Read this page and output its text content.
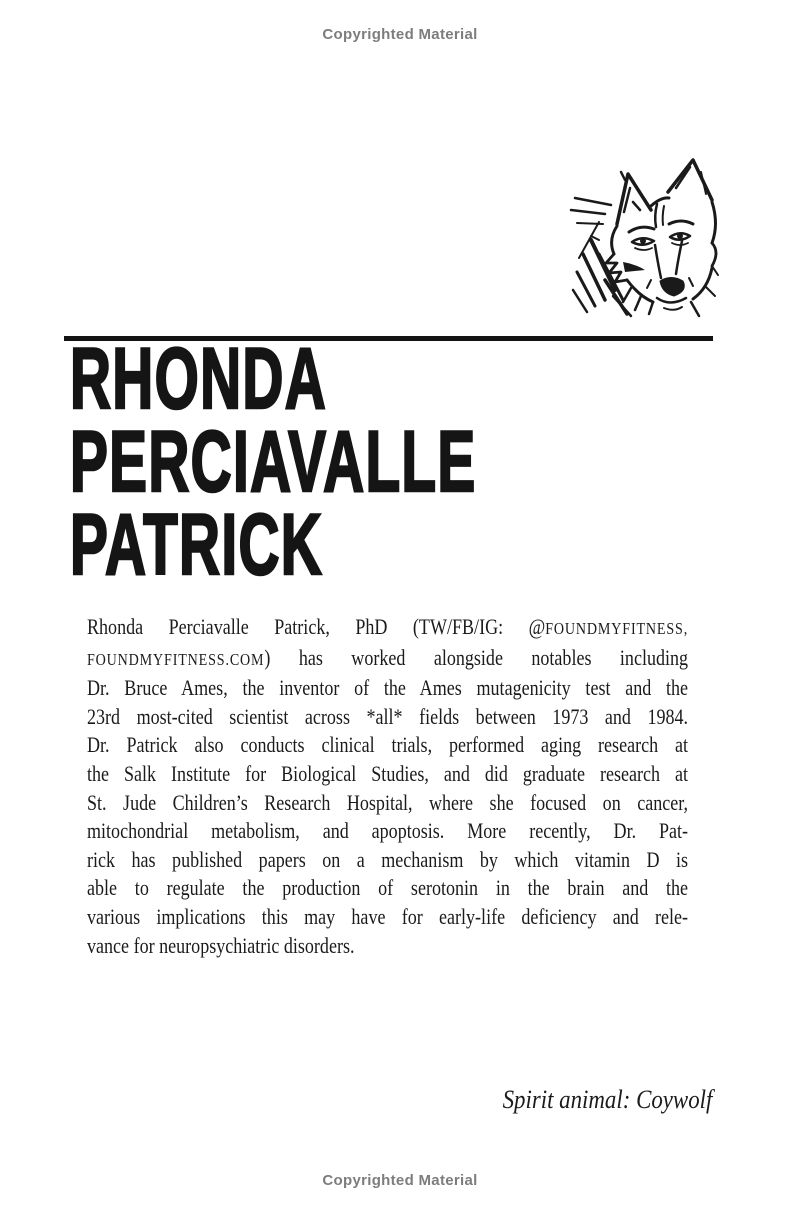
Copyrighted Material
RHONDA
PERCIAVALLE
PATRICK
Rhonda Perciavalle Patrick, PhD (TW/FB/IG: @FOUNDMYFITNESS,
FOUNDMYFITNESS.COM) has worked alongside notables including
Dr. Bruce Ames, the inventor of the Ames mutagenicity test and the
23rd most-cited scientist across *all* fields between 1973 and 1984.
Dr. Patrick also conducts clinical trials, performed aging research at
the Salk Institute for Biological Studies, and did graduate research at
St. Jude Children’s Research Hospital, where she focused on cancer,
mitochondrial metabolism, and apoptosis. More recently, Dr. Pat-
rick has published papers on a mechanism by which vitamin D is
able to regulate the production of serotonin in the brain and the
various implications this may have for early-life deficiency and rele-
vance for neuropsychiatric disorders.
Spirit animal: Coywolf
Copyrighted Material
